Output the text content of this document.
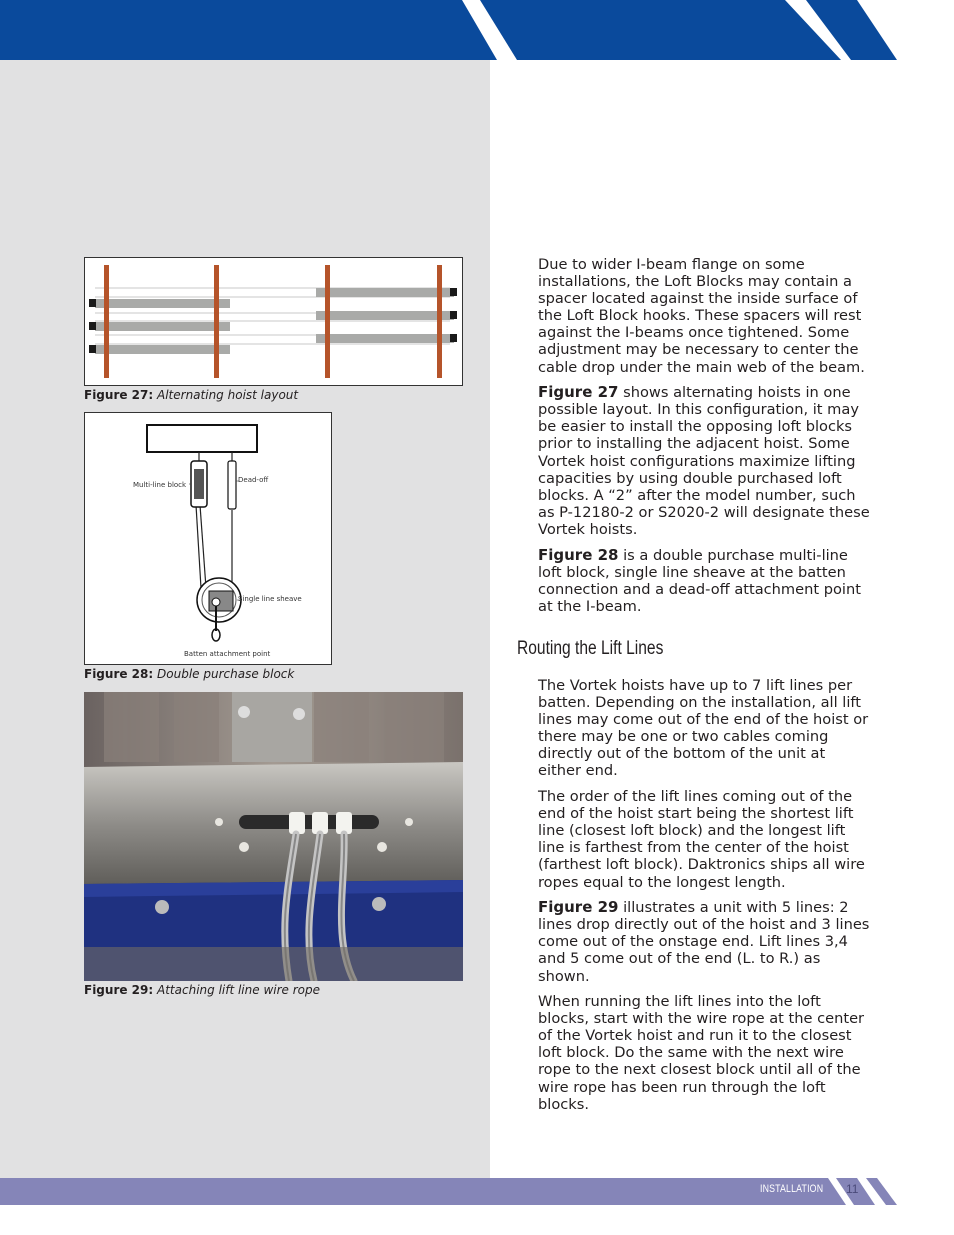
Figure 27: Alternating hoist layout
Multi-line block
Dead-off
Single line sheave
Batten attachment point
Figure 28: Double purchase block
Figure 29: Attaching lift line wire rope

Due to wider I-beam flange on some installations, the Loft Blocks may contain a spacer located against the inside surface of the Loft Block hooks. These spacers will rest against the I-beams once tightened. Some adjustment may be necessary to center the cable drop under the main web of the beam.

Figure 27 shows alternating hoists in one possible layout. In this configuration, it may be easier to install the opposing loft blocks prior to installing the adjacent hoist. Some Vortek hoist configurations maximize lifting capacities by using double purchased loft blocks. A “2” after the model number, such as P-12180-2 or S2020-2 will designate these Vortek hoists.

Figure 28 is a double purchase multi-line loft block, single line sheave at the batten connection and a dead-off attachment point at the I-beam.

Routing the Lift Lines

The Vortek hoists have up to 7 lift lines per batten. Depending on the installation, all lift lines may come out of the end of the hoist or there may be one or two cables coming directly out of the bottom of the unit at either end.

The order of the lift lines coming out of the end of the hoist start being the shortest lift line (closest loft block) and the longest lift line is farthest from the center of the hoist (farthest loft block). Daktronics ships all wire ropes equal to the longest length.

Figure 29 illustrates a unit with 5 lines: 2 lines drop directly out of the hoist and 3 lines come out of the onstage end. Lift lines 3,4 and 5 come out of the end (L. to R.) as shown.

When running the lift lines into the loft blocks, start with the wire rope at the center of the Vortek hoist and run it to the closest loft block. Do the same with the next wire rope to the next closest block until all of the wire rope has been run through the loft blocks.

INSTALLATION 11
